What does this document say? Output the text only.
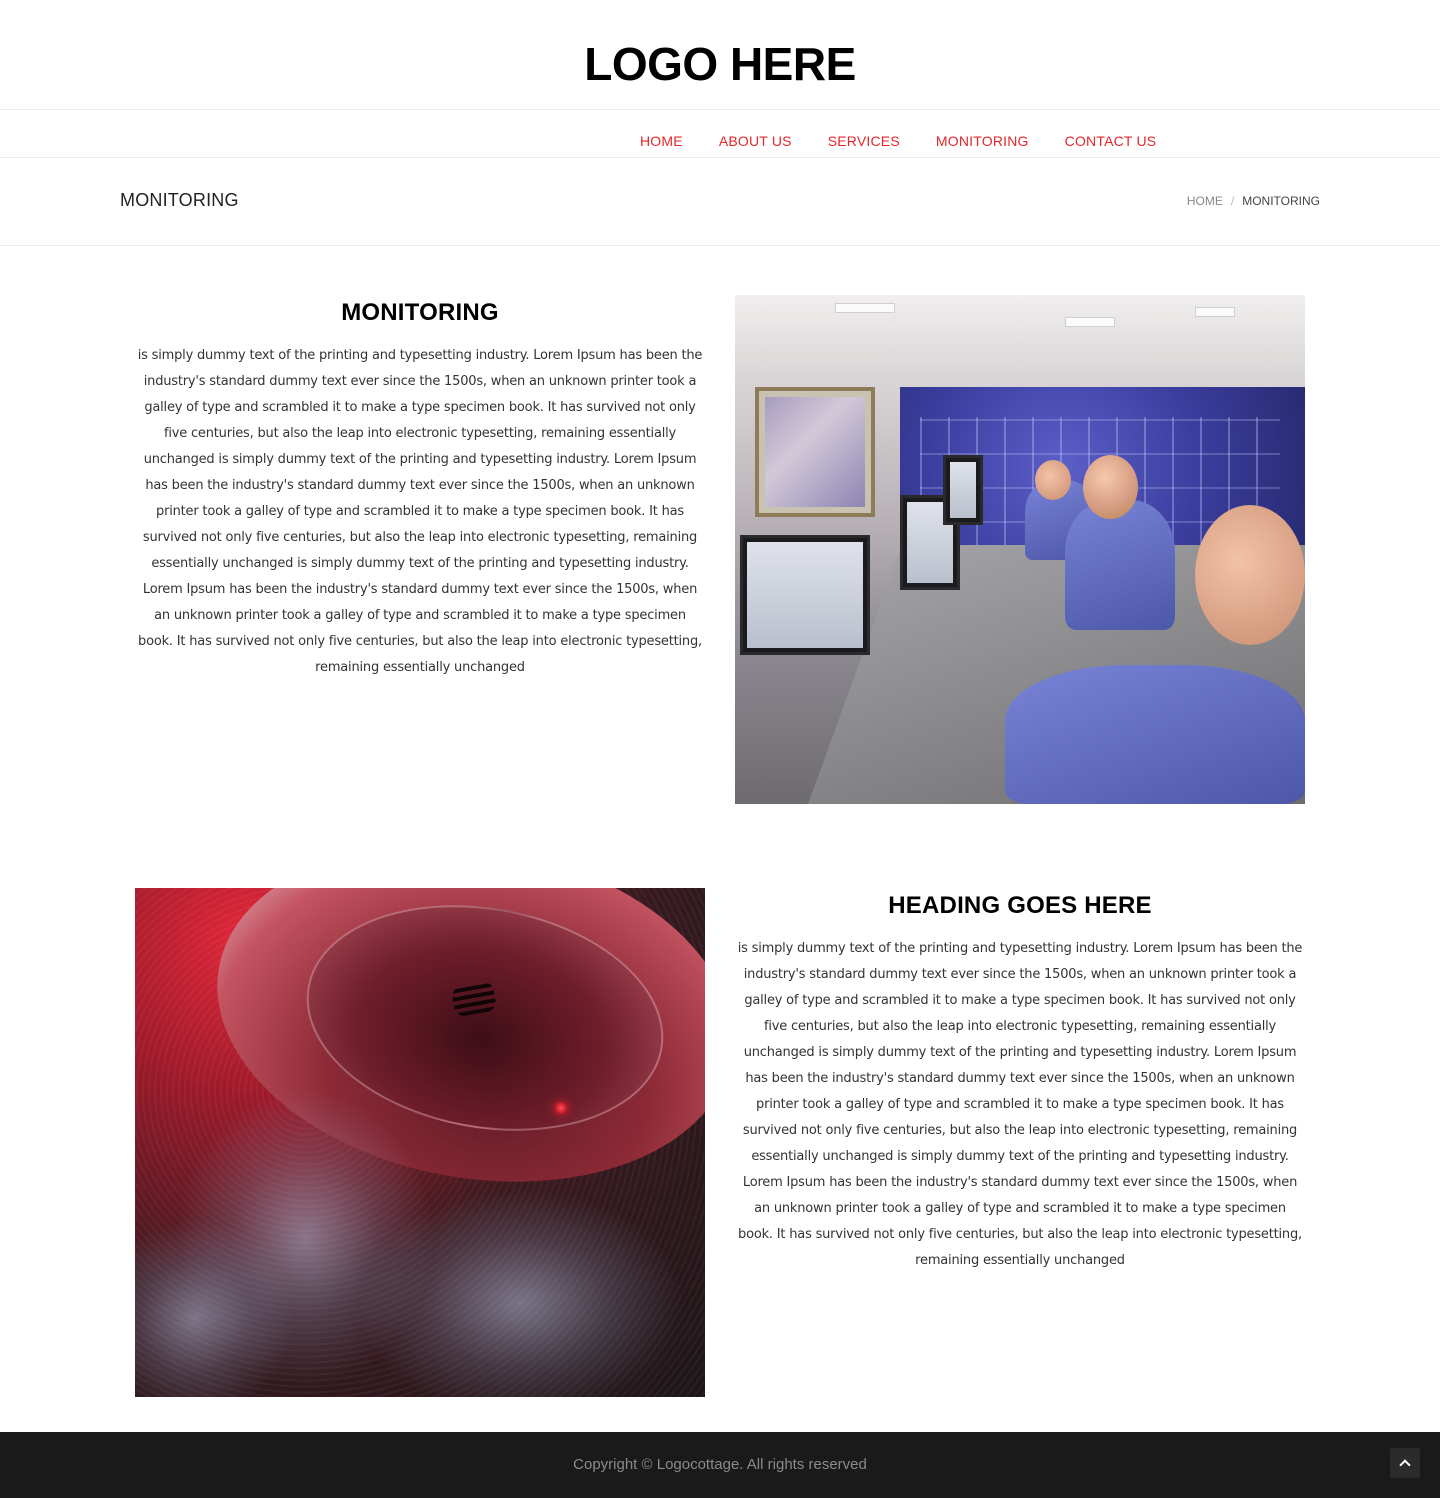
LOGO HERE
HOME	ABOUT US	SERVICES	MONITORING	CONTACT US
MONITORING	HOME / MONITORING
MONITORING

is simply dummy text of the printing and typesetting industry. Lorem Ipsum has been the industry's standard dummy text ever since the 1500s, when an unknown printer took a galley of type and scrambled it to make a type specimen book. It has survived not only five centuries, but also the leap into electronic typesetting, remaining essentially unchanged is simply dummy text of the printing and typesetting industry. Lorem Ipsum has been the industry's standard dummy text ever since the 1500s, when an unknown printer took a galley of type and scrambled it to make a type specimen book. It has survived not only five centuries, but also the leap into electronic typesetting, remaining essentially unchanged is simply dummy text of the printing and typesetting industry. Lorem Ipsum has been the industry's standard dummy text ever since the 1500s, when an unknown printer took a galley of type and scrambled it to make a type specimen book. It has survived not only five centuries, but also the leap into electronic typesetting, remaining essentially unchanged

HEADING GOES HERE

is simply dummy text of the printing and typesetting industry. Lorem Ipsum has been the industry's standard dummy text ever since the 1500s, when an unknown printer took a galley of type and scrambled it to make a type specimen book. It has survived not only five centuries, but also the leap into electronic typesetting, remaining essentially unchanged is simply dummy text of the printing and typesetting industry. Lorem Ipsum has been the industry's standard dummy text ever since the 1500s, when an unknown printer took a galley of type and scrambled it to make a type specimen book. It has survived not only five centuries, but also the leap into electronic typesetting, remaining essentially unchanged is simply dummy text of the printing and typesetting industry. Lorem Ipsum has been the industry's standard dummy text ever since the 1500s, when an unknown printer took a galley of type and scrambled it to make a type specimen book. It has survived not only five centuries, but also the leap into electronic typesetting, remaining essentially unchanged

Copyright © Logocottage. All rights reserved
